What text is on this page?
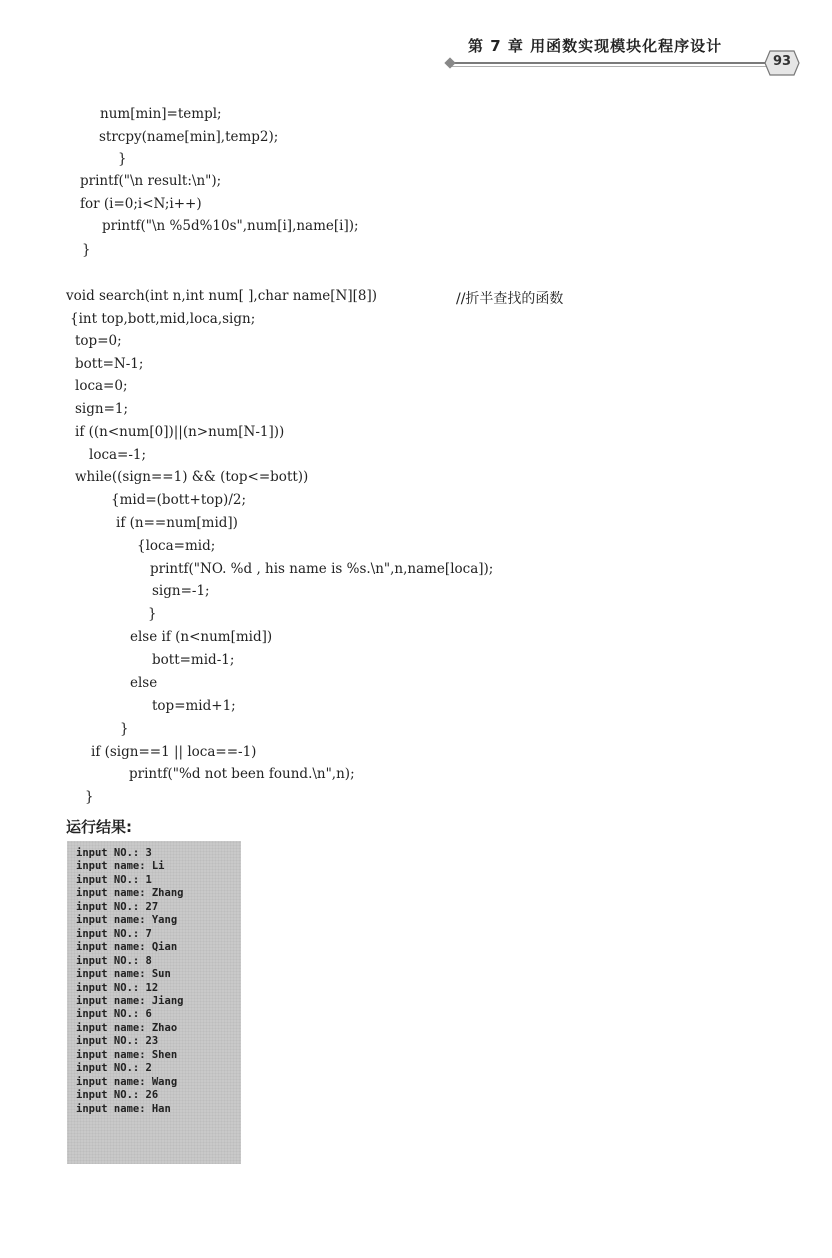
第 7 章 用函数实现模块化程序设计
93
num[min]=templ;
strcpy(name[min],temp2);
}
printf("\n result:\n");
for (i=0;i<N;i++)
printf("\n %5d%10s",num[i],name[i]);
}
void search(int n,int num[ ],char name[N][8])
{int top,bott,mid,loca,sign;
top=0;
bott=N-1;
loca=0;
sign=1;
if ((n<num[0])||(n>num[N-1]))
loca=-1;
while((sign==1) && (top<=bott))
{mid=(bott+top)/2;
if (n==num[mid])
{loca=mid;
printf("NO. %d , his name is %s.\n",n,name[loca]);
sign=-1;
}
else if (n<num[mid])
bott=mid-1;
else
top=mid+1;
}
if (sign==1 || loca==-1)
printf("%d not been found.\n",n);
}
//折半查找的函数
运行结果:
input NO.: 3
input name: Li
input NO.: 1
input name: Zhang
input NO.: 27
input name: Yang
input NO.: 7
input name: Qian
input NO.: 8
input name: Sun
input NO.: 12
input name: Jiang
input NO.: 6
input name: Zhao
input NO.: 23
input name: Shen
input NO.: 2
input name: Wang
input NO.: 26
input name: Han
